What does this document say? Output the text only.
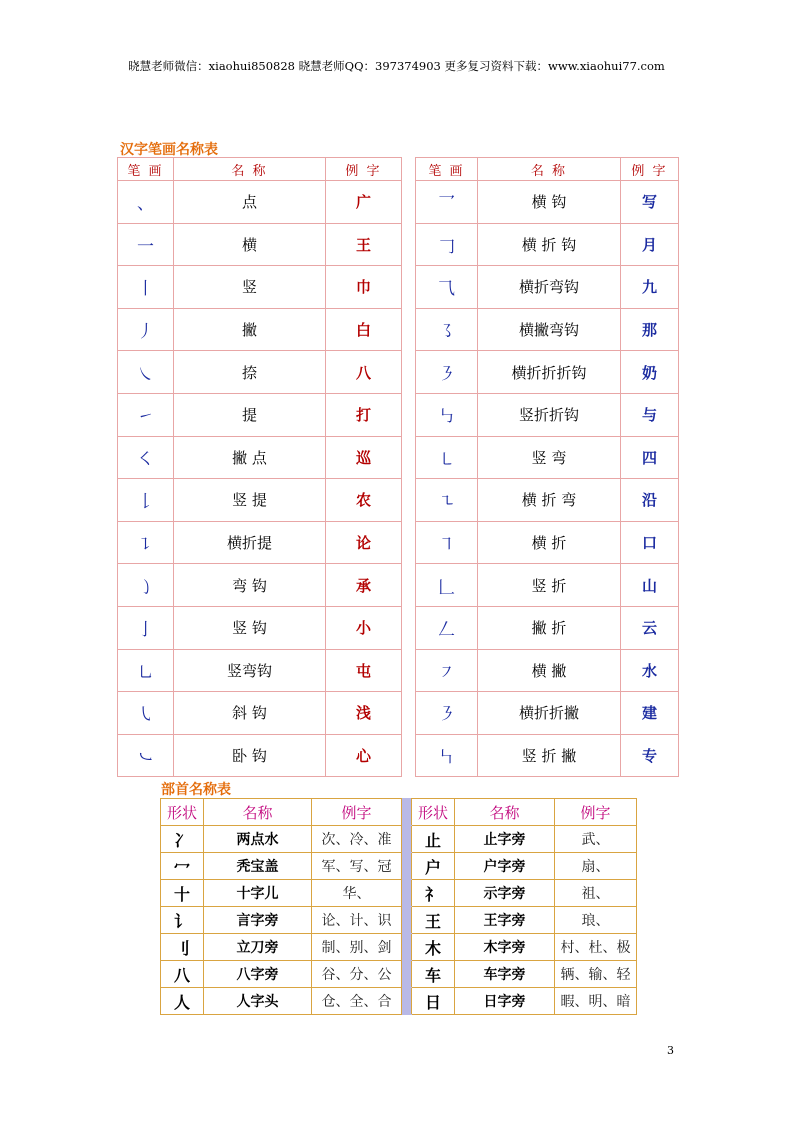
晓慧老师微信：xiaohui850828 晓慧老师QQ：397374903 更多复习资料下载：www.xiaohui77.com
汉字笔画名称表
笔 画	名 称	例 字		笔 画	名 称	例 字
、	点	广		乛	横 钩	写
一	横	王		𠃌	横 折 钩	月
丨	竖	巾		⺄	横折弯钩	九
丿	撇	白		㇌	横撇弯钩	那
㇏	捺	八		㇋	横折折折钩	奶
㇀	提	打		㇉	竖折折钩	与
㇛	撇 点	巡		㇄	竖 弯	四
𠄌	竖 提	农		㇍	横 折 弯	沿
㇊	横折提	论		㇕	横 折	口
㇁	弯 钩	承		𠃊	竖 折	山
亅	竖 钩	小		𠃋	撇 折	云
㇟	竖弯钩	屯		㇇	横 撇	水
㇂	斜 钩	浅		㇋	横折折撇	建
㇃	卧 钩	心		㇞	竖 折 撇	专
部首名称表
形状	名称	例字		形状	名称	例字
冫	两点水	次、冷、准		止	止字旁	武、
冖	秃宝盖	军、写、冠		户	户字旁	扇、
十	十字儿	华、		礻	示字旁	祖、
讠	言字旁	论、计、识		王	王字旁	琅、
刂	立刀旁	制、别、剑		木	木字旁	村、杜、极
八	八字旁	谷、分、公		车	车字旁	辆、输、轻
人	人字头	仓、全、合		日	日字旁	暇、明、暗
3
